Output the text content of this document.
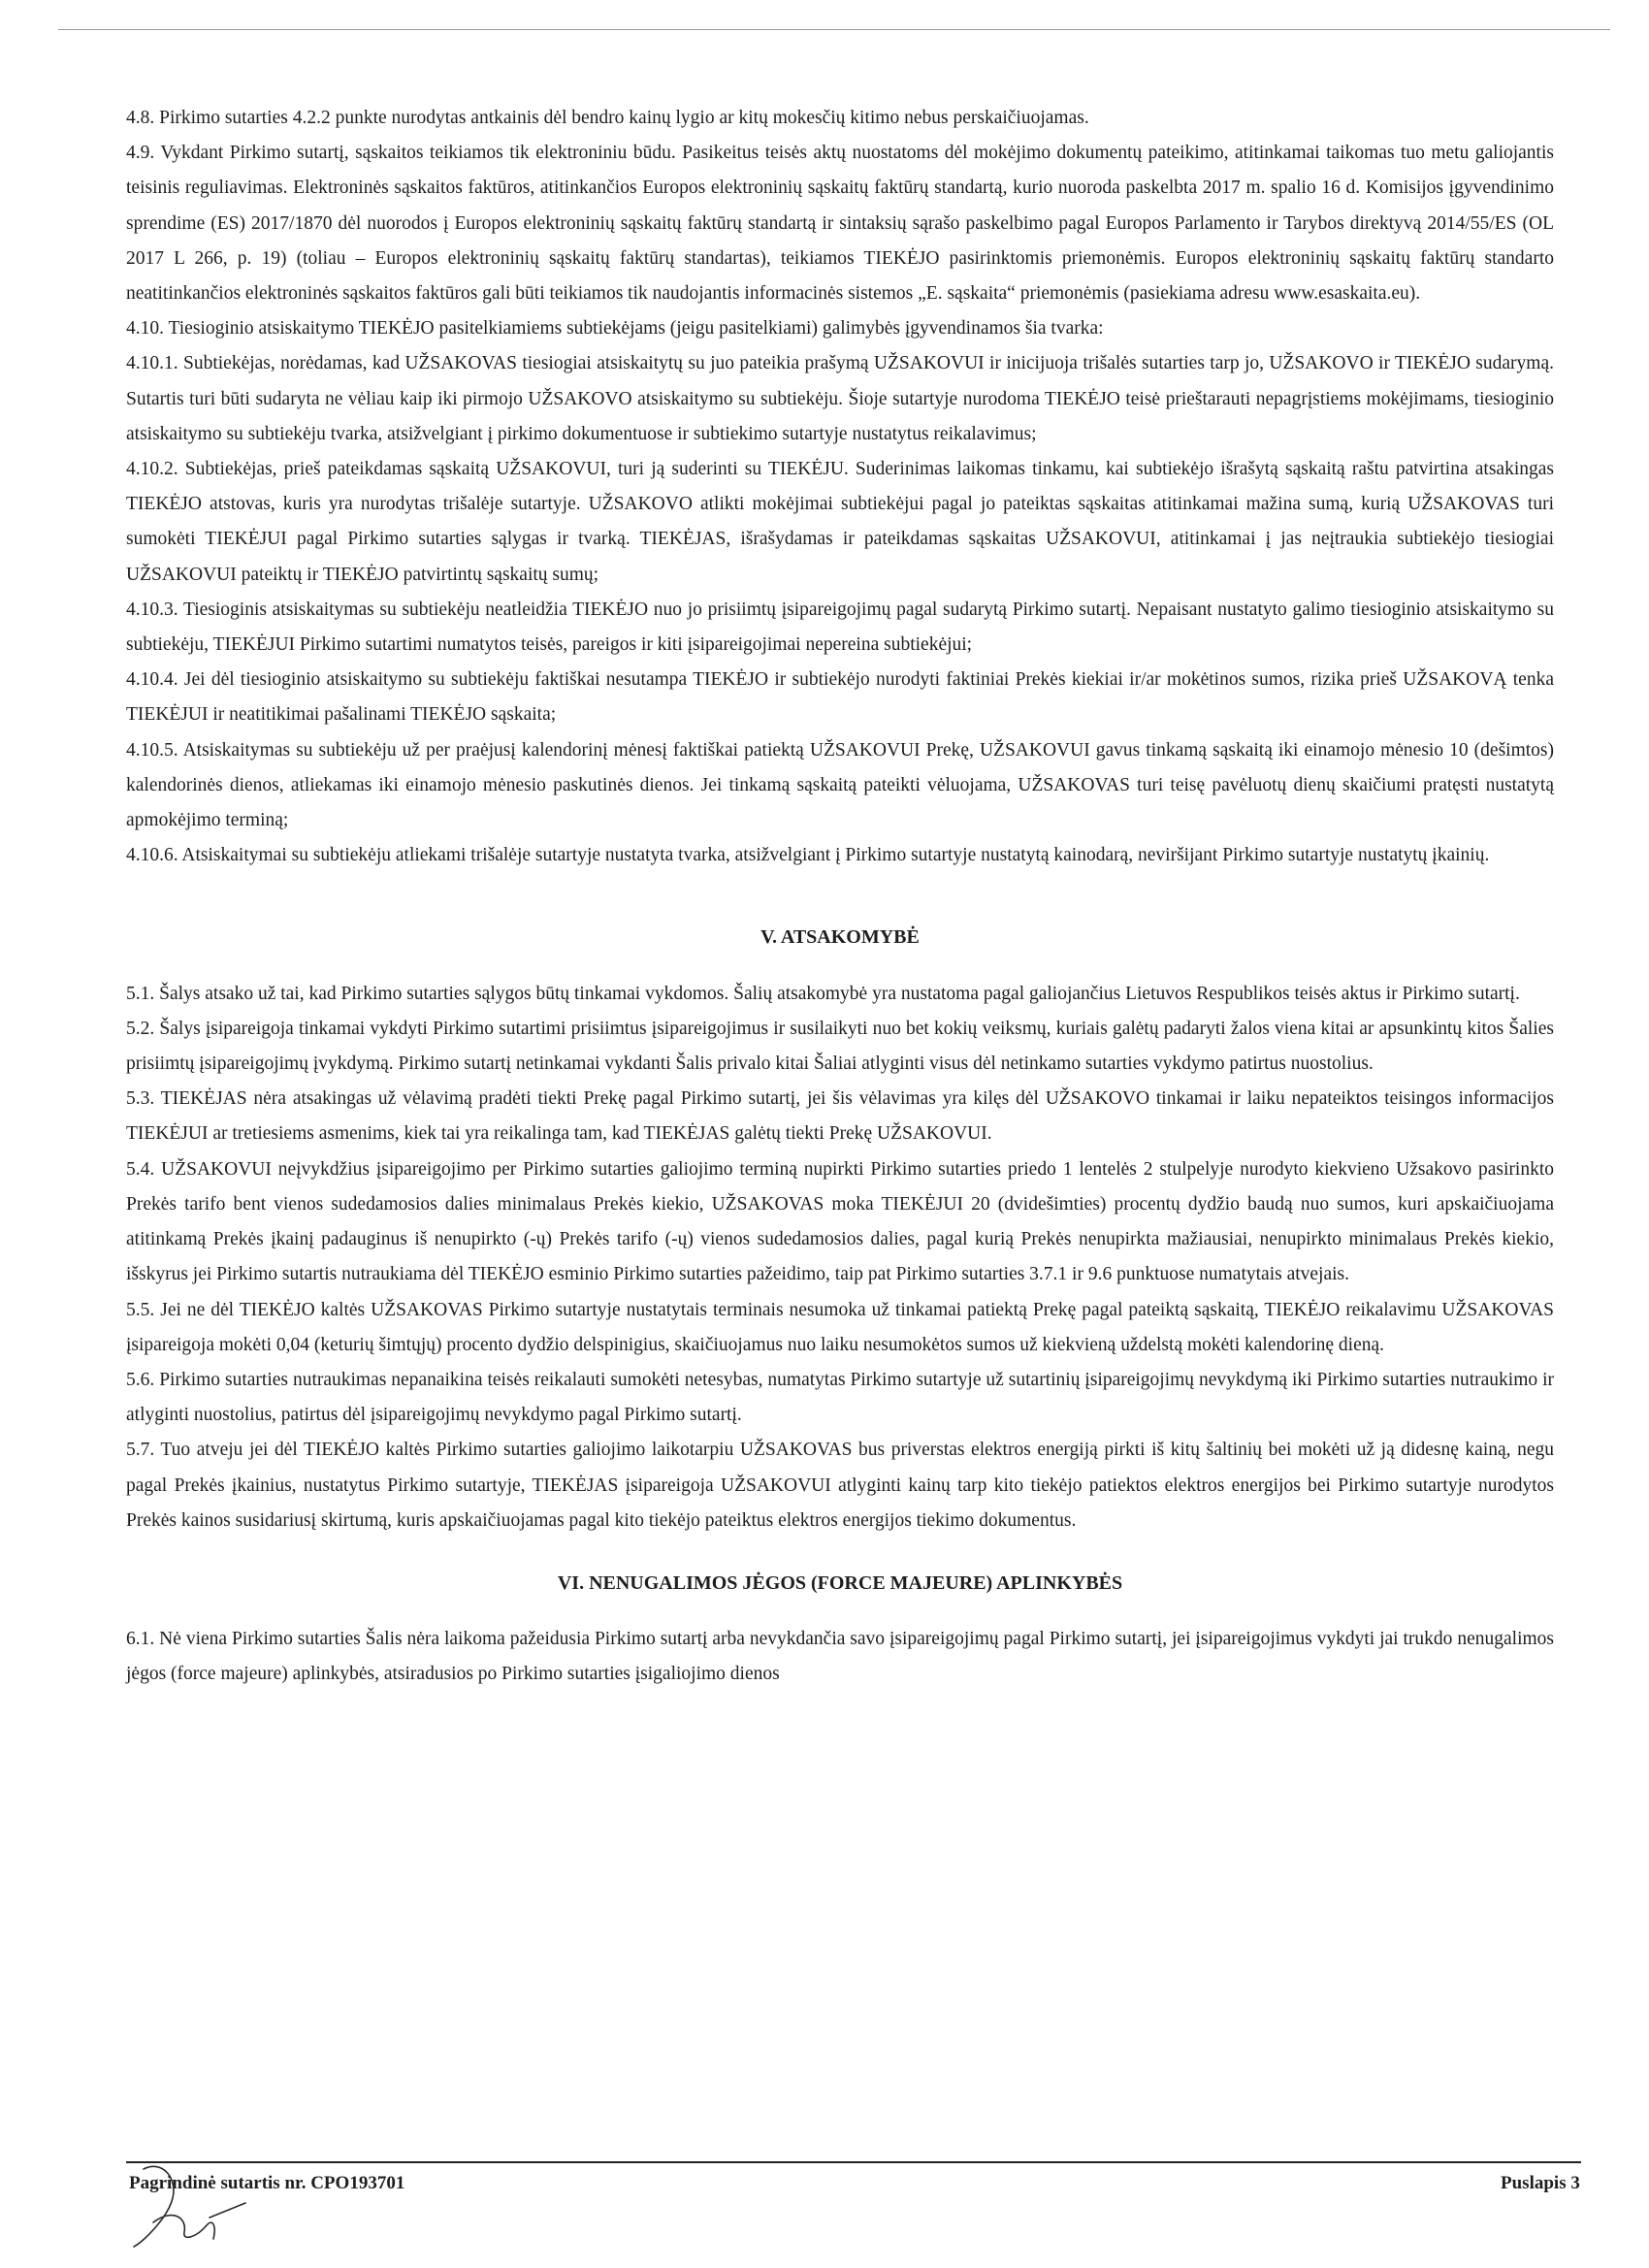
4.8. Pirkimo sutarties 4.2.2 punkte nurodytas antkainis dėl bendro kainų lygio ar kitų mokesčių kitimo nebus perskaičiuojamas.

4.9. Vykdant Pirkimo sutartį, sąskaitos teikiamos tik elektroniniu būdu. Pasikeitus teisės aktų nuostatoms dėl mokėjimo dokumentų pateikimo, atitinkamai taikomas tuo metu galiojantis teisinis reguliavimas. Elektroninės sąskaitos faktūros, atitinkančios Europos elektroninių sąskaitų faktūrų standartą, kurio nuoroda paskelbta 2017 m. spalio 16 d. Komisijos įgyvendinimo sprendime (ES) 2017/1870 dėl nuorodos į Europos elektroninių sąskaitų faktūrų standartą ir sintaksių sąrašo paskelbimo pagal Europos Parlamento ir Tarybos direktyvą 2014/55/ES (OL 2017 L 266, p. 19) (toliau – Europos elektroninių sąskaitų faktūrų standartas), teikiamos TIEKĖJO pasirinktomis priemonėmis. Europos elektroninių sąskaitų faktūrų standarto neatitinkančios elektroninės sąskaitos faktūros gali būti teikiamos tik naudojantis informacinės sistemos „E. sąskaita“ priemonėmis (pasiekiama adresu www.esaskaita.eu).

4.10. Tiesioginio atsiskaitymo TIEKĖJO pasitelkiamiems subtiekėjams (jeigu pasitelkiami) galimybės įgyvendinamos šia tvarka:

4.10.1. Subtiekėjas, norėdamas, kad UŽSAKOVAS tiesiogiai atsiskaitytų su juo pateikia prašymą UŽSAKOVUI ir inicijuoja trišalės sutarties tarp jo, UŽSAKOVO ir TIEKĖJO sudarymą. Sutartis turi būti sudaryta ne vėliau kaip iki pirmojo UŽSAKOVO atsiskaitymo su subtiekėju. Šioje sutartyje nurodoma TIEKĖJO teisė prieštarauti nepagrįstiems mokėjimams, tiesioginio atsiskaitymo su subtiekėju tvarka, atsižvelgiant į pirkimo dokumentuose ir subtiekimo sutartyje nustatytus reikalavimus;

4.10.2. Subtiekėjas, prieš pateikdamas sąskaitą UŽSAKOVUI, turi ją suderinti su TIEKĖJU. Suderinimas laikomas tinkamu, kai subtiekėjo išrašytą sąskaitą raštu patvirtina atsakingas TIEKĖJO atstovas, kuris yra nurodytas trišalėje sutartyje. UŽSAKOVO atlikti mokėjimai subtiekėjui pagal jo pateiktas sąskaitas atitinkamai mažina sumą, kurią UŽSAKOVAS turi sumokėti TIEKĖJUI pagal Pirkimo sutarties sąlygas ir tvarką. TIEKĖJAS, išrašydamas ir pateikdamas sąskaitas UŽSAKOVUI, atitinkamai į jas neįtraukia subtiekėjo tiesiogiai UŽSAKOVUI pateiktų ir TIEKĖJO patvirtintų sąskaitų sumų;

4.10.3. Tiesioginis atsiskaitymas su subtiekėju neatleidžia TIEKĖJO nuo jo prisiimtų įsipareigojimų pagal sudarytą Pirkimo sutartį. Nepaisant nustatyto galimo tiesioginio atsiskaitymo su subtiekėju, TIEKĖJUI Pirkimo sutartimi numatytos teisės, pareigos ir kiti įsipareigojimai nepereina subtiekėjui;

4.10.4. Jei dėl tiesioginio atsiskaitymo su subtiekėju faktiškai nesutampa TIEKĖJO ir subtiekėjo nurodyti faktiniai Prekės kiekiai ir/ar mokėtinos sumos, rizika prieš UŽSAKOVĄ tenka TIEKĖJUI ir neatitikimai pašalinami TIEKĖJO sąskaita;

4.10.5. Atsiskaitymas su subtiekėju už per praėjusį kalendorinį mėnesį faktiškai patiektą UŽSAKOVUI Prekę, UŽSAKOVUI gavus tinkamą sąskaitą iki einamojo mėnesio 10 (dešimtos) kalendorinės dienos, atliekamas iki einamojo mėnesio paskutinės dienos. Jei tinkamą sąskaitą pateikti vėluojama, UŽSAKOVAS turi teisę pavėluotų dienų skaičiumi pratęsti nustatytą apmokėjimo terminą;

4.10.6. Atsiskaitymai su subtiekėju atliekami trišalėje sutartyje nustatyta tvarka, atsižvelgiant į Pirkimo sutartyje nustatytą kainodarą, neviršijant Pirkimo sutartyje nustatytų įkainių.

V. ATSAKOMYBĖ

5.1. Šalys atsako už tai, kad Pirkimo sutarties sąlygos būtų tinkamai vykdomos. Šalių atsakomybė yra nustatoma pagal galiojančius Lietuvos Respublikos teisės aktus ir Pirkimo sutartį.

5.2. Šalys įsipareigoja tinkamai vykdyti Pirkimo sutartimi prisiimtus įsipareigojimus ir susilaikyti nuo bet kokių veiksmų, kuriais galėtų padaryti žalos viena kitai ar apsunkintų kitos Šalies prisiimtų įsipareigojimų įvykdymą. Pirkimo sutartį netinkamai vykdanti Šalis privalo kitai Šaliai atlyginti visus dėl netinkamo sutarties vykdymo patirtus nuostolius.

5.3. TIEKĖJAS nėra atsakingas už vėlavimą pradėti tiekti Prekę pagal Pirkimo sutartį, jei šis vėlavimas yra kilęs dėl UŽSAKOVO tinkamai ir laiku nepateiktos teisingos informacijos TIEKĖJUI ar tretiesiems asmenims, kiek tai yra reikalinga tam, kad TIEKĖJAS galėtų tiekti Prekę UŽSAKOVUI.

5.4. UŽSAKOVUI neįvykdžius įsipareigojimo per Pirkimo sutarties galiojimo terminą nupirkti Pirkimo sutarties priedo 1 lentelės 2 stulpelyje nurodyto kiekvieno Užsakovo pasirinkto Prekės tarifo bent vienos sudedamosios dalies minimalaus Prekės kiekio, UŽSAKOVAS moka TIEKĖJUI 20 (dvidešimties) procentų dydžio baudą nuo sumos, kuri apskaičiuojama atitinkamą Prekės įkainį padauginus iš nenupirkto (-ų) Prekės tarifo (-ų) vienos sudedamosios dalies, pagal kurią Prekės nenupirkta mažiausiai, nenupirkto minimalaus Prekės kiekio, išskyrus jei Pirkimo sutartis nutraukiama dėl TIEKĖJO esminio Pirkimo sutarties pažeidimo, taip pat Pirkimo sutarties 3.7.1 ir 9.6 punktuose numatytais atvejais.

5.5. Jei ne dėl TIEKĖJO kaltės UŽSAKOVAS Pirkimo sutartyje nustatytais terminais nesumoka už tinkamai patiektą Prekę pagal pateiktą sąskaitą, TIEKĖJO reikalavimu UŽSAKOVAS įsipareigoja mokėti 0,04 (keturių šimtųjų) procento dydžio delspinigius, skaičiuojamus nuo laiku nesumokėtos sumos už kiekvieną uždelstą mokėti kalendorinę dieną.

5.6. Pirkimo sutarties nutraukimas nepanaikina teisės reikalauti sumokėti netesybas, numatytas Pirkimo sutartyje už sutartinių įsipareigojimų nevykdymą iki Pirkimo sutarties nutraukimo ir atlyginti nuostolius, patirtus dėl įsipareigojimų nevykdymo pagal Pirkimo sutartį.

5.7. Tuo atveju jei dėl TIEKĖJO kaltės Pirkimo sutarties galiojimo laikotarpiu UŽSAKOVAS bus priverstas elektros energiją pirkti iš kitų šaltinių bei mokėti už ją didesnę kainą, negu pagal Prekės įkainius, nustatytus Pirkimo sutartyje, TIEKĖJAS įsipareigoja UŽSAKOVUI atlyginti kainų tarp kito tiekėjo patiektos elektros energijos bei Pirkimo sutartyje nurodytos Prekės kainos susidariusį skirtumą, kuris apskaičiuojamas pagal kito tiekėjo pateiktus elektros energijos tiekimo dokumentus.

VI. NENUGALIMOS JĖGOS (FORCE MAJEURE) APLINKYBĖS

6.1. Nė viena Pirkimo sutarties Šalis nėra laikoma pažeidusia Pirkimo sutartį arba nevykdančia savo įsipareigojimų pagal Pirkimo sutartį, jei įsipareigojimus vykdyti jai trukdo nenugalimos jėgos (force majeure) aplinkybės, atsiradusios po Pirkimo sutarties įsigaliojimo dienos

Pagrindinė sutartis nr. CPO193701	Puslapis 3
